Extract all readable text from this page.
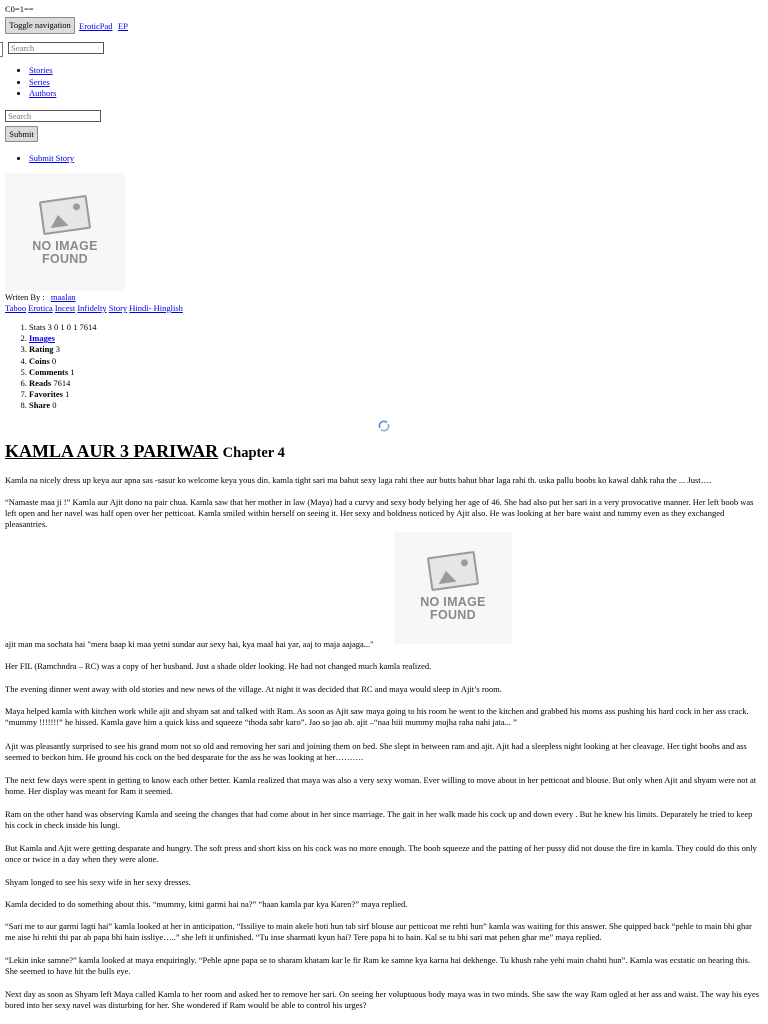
C0=1==
Toggle navigation EroticPad EP
Search
• Stories
• Series
• Authors
Search
Submit
• Submit Story
NO IMAGE
FOUND
Writen By : maalan
Taboo Erotica Incest Infidelty Story Hindi- Hinglish
1. Stats 3 0 1 0 1 7614
2. Images
3. Rating 3
4. Coins 0
5. Comments 1
6. Reads 7614
7. Favorites 1
8. Share 0
KAMLA AUR 3 PARIWAR Chapter 4

Kamla na nicely dress up keya aur apna sas -sasur ko welcome keya yous din. kamla tight sari ma bahut sexy laga rahi thee aur butts bahut bhar laga rahi th. uska pallu boobs ko kawal dahk raha the ... Just….

“Namaste maa ji !” Kamla aur Ajit dono na pair chua. Kamla saw that her mother in law (Maya) had a curvy and sexy body belying her age of 46. She had also put her sari in a very provocative manner. Her left boob was left open and her navel was half open over her petticoat. Kamla smiled within herself on seeing it. Her sexy and boldness noticed by Ajit also. He was looking at her bare waist and tummy even as they exchanged pleasantries.

NO IMAGE
FOUND

ajit man ma sochata hai "mera baap ki maa yetni sundar aur sexy hai, kya maal hai yar, aaj to maja aajaga..."

Her FIL (Ramchndra – RC) was a copy of her husband. Just a shade older looking. He had not changed much kamla realized.

The evening dinner went away with old stories and new news of the village. At night it was decided that RC and maya would sleep in Ajit’s room.

Maya helped kamla with kitchen work while ajit and shyam sat and talked with Ram. As soon as Ajit saw maya going to his room he went to the kitchen and grabbed his moms ass pushing his hard cock in her ass crack. “mummy !!!!!!!” he hissed. Kamla gave him a quick kiss and squeeze “thoda sabr karo”. Jao so jao ab. ajit –“naa hiii mummy mujha raha nahi jata... ”

Ajit was pleasantly surprised to see his grand mom not so old and removing her sari and joining them on bed. She slept in between ram and ajit. Ajit had a sleepless night looking at her cleavage. Her tight boobs and ass seemed to beckon him. He ground his cock on the bed desparate for the ass he was looking at her……….

The next few days were spent in getting to know each other better. Kamla realized that maya was also a very sexy woman. Ever willing to move about in her petticoat and blouse. But only when Ajit and shyam were not at home. Her display was meant for Ram it seemed.

Ram on the other hand was observing Kamla and seeing the changes that had come about in her since marriage. The gait in her walk made his cock up and down every . But he knew his limits. Deparately he tried to keep his cock in check inside his lungi.

But Kamla and Ajit were getting desparate and hungry. The soft press and short kiss on his cock was no more enough. The boob squeeze and the patting of her pussy did not douse the fire in kamla. They could do this only once or twice in a day when they were alone.

Shyam longed to see his sexy wife in her sexy dresses.

Kamla decided to do something about this. “mummy, kitni garmi hai na?” “haan kamla par kya Karen?” maya replied.

“Sari me to aur garmi lagti hai” kamla looked at her in anticipation. “Issiliye to main akele hoti hun tab sirf blouse aur petticoat me rehti hun” kamla was waiting for this answer. She quipped back “pehle to main bhi ghar me aise hi rehti thi par ab papa bhi hain issliye…..” she left it unfinished. “Tu inse sharmati kyun hai? Tere papa hi to hain. Kal se tu bhi sari mat pehen ghar me” maya replied.

“Lekin inke samne?” kamla looked at maya enquiringly. “Pehle apne papa se to sharam khatam kar le fir Ram ke samne kya karna hai dekhenge. Tu khush rahe yehi main chahti hun”. Kamla was ecstatic on hearing this. She seemed to have hit the bulls eye.

Next day as soon as Shyam left Maya called Kamla to her room and asked her to remove her sari. On seeing her voluptuous body maya was in two minds. She saw the way Ram ogled at her ass and waist. The way his eyes bored into her sexy navel was disturbing for her. She wondered if Ram would be able to control his urges?
